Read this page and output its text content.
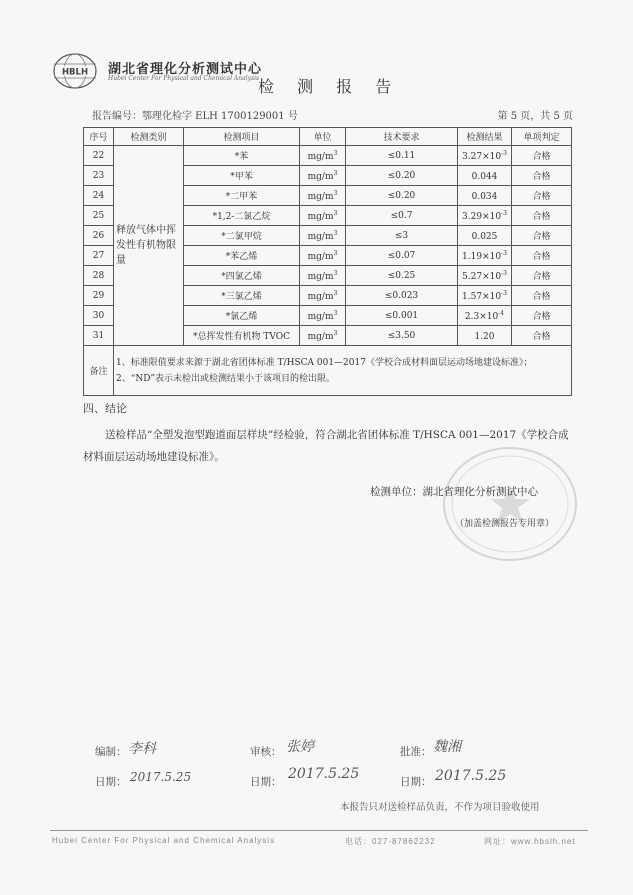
HBLH 湖北省理化分析测试中心
Hubei Center For Physical and Chemical Analysis
检 测 报 告
报告编号：鄂理化检字 ELH 1700129001 号	第 5 页，共 5 页
序号	检测类别	检测项目	单位	技术要求	检测结果	单项判定
22	释放气体中挥发性有机物限量	*苯	$mg/m^3$	≤0.11	$3.27\times 10^{-3}$	合格
23		*甲苯	$mg/m^3$	≤0.20	0.044	合格
24		*二甲苯	$mg/m^3$	≤0.20	0.034	合格
25		*1,2-二氯乙烷	$mg/m^3$	≤0.7	$3.29\times 10^{-3}$	合格
26		*二氯甲烷	$mg/m^3$	≤3	0.025	合格
27		*苯乙烯	$mg/m^3$	≤0.07	$1.19\times 10^{-3}$	合格
28		*四氯乙烯	$mg/m^3$	≤0.25	$5.27\times 10^{-3}$	合格
29		*三氯乙烯	$mg/m^3$	≤0.023	$1.57\times 10^{-3}$	合格
30		*氯乙烯	$mg/m^3$	≤0.001	$2.3\times 10^{-4}$	合格
31		*总挥发性有机物 TVOC	$mg/m^3$	≤3.50	1.20	合格
备注	1、标准限值要求来源于湖北省团体标准 T/HSCA 001—2017《学校合成材料面层运动场地建设标准》；
2、“ND”表示未检出或检测结果小于该项目的检出限。					
四、结论
送检样品“全塑发泡型跑道面层样块”经检验，符合湖北省团体标准 T/HSCA 001—2017《学校合成材料面层运动场地建设标准》。
检测单位：湖北省理化分析测试中心
（加盖检测报告专用章）
编制： 李科	审核： 张婷	批准： 魏湘
日期： 2017.5.25	日期： 2017.5.25	日期： 2017.5.25
本报告只对送检样品负责，不作为项目验收使用
Hubei Center For Physical and Chemical Analysis	电话：027-87862232	网址：www.hbslh.net
